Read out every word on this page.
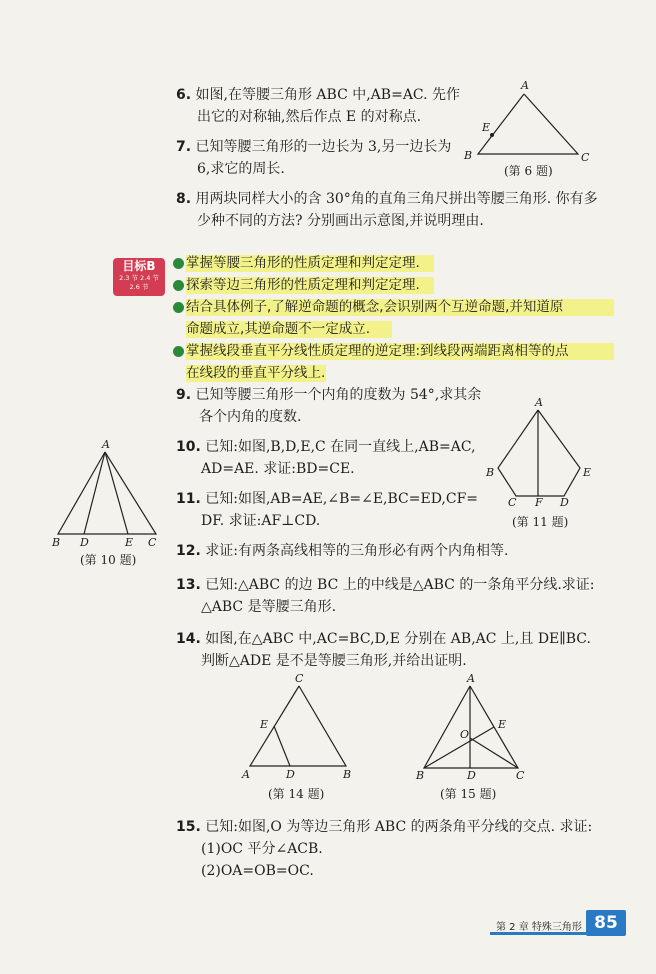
6. 如图,在等腰三角形 ABC 中,AB=AC. 先作
出它的对称轴,然后作点 E 的对称点.
7. 已知等腰三角形的一边长为 3,另一边长为
6,求它的周长.
A
B	C
E
(第 6 题)
8. 用两块同样大小的含 30°角的直角三角尺拼出等腰三角形. 你有多
少种不同的方法? 分别画出示意图,并说明理由.
目标B
2.3 节 2.4 节
2.6 节
掌握等腰三角形的性质定理和判定定理.
探索等边三角形的性质定理和判定定理.
结合具体例子,了解逆命题的概念,会识别两个互逆命题,并知道原
命题成立,其逆命题不一定成立.
掌握线段垂直平分线性质定理的逆定理:到线段两端距离相等的点
在线段的垂直平分线上.
9. 已知等腰三角形一个内角的度数为 54°,求其余
各个内角的度数.
A
B	E
C F D
(第 11 题)
10. 已知:如图,B,D,E,C 在同一直线上,AB=AC,
AD=AE. 求证:BD=CE.
A
B D	E C
(第 10 题)
11. 已知:如图,AB=AE,∠B=∠E,BC=ED,CF=
DF. 求证:AF⊥CD.
12. 求证:有两条高线相等的三角形必有两个内角相等.
13. 已知:△ABC 的边 BC 上的中线是△ABC 的一条角平分线.求证:
△ABC 是等腰三角形.
14. 如图,在△ABC 中,AC=BC,D,E 分别在 AB,AC 上,且 DE∥BC.
判断△ADE 是不是等腰三角形,并给出证明.
C
A	B
D
E
(第 14 题)
A
B	C
D
E
O
(第 15 题)
15. 已知:如图,O 为等边三角形 ABC 的两条角平分线的交点. 求证:
(1)OC 平分∠ACB.
(2)OA=OB=OC.
第 2 章 特殊三角形 85
